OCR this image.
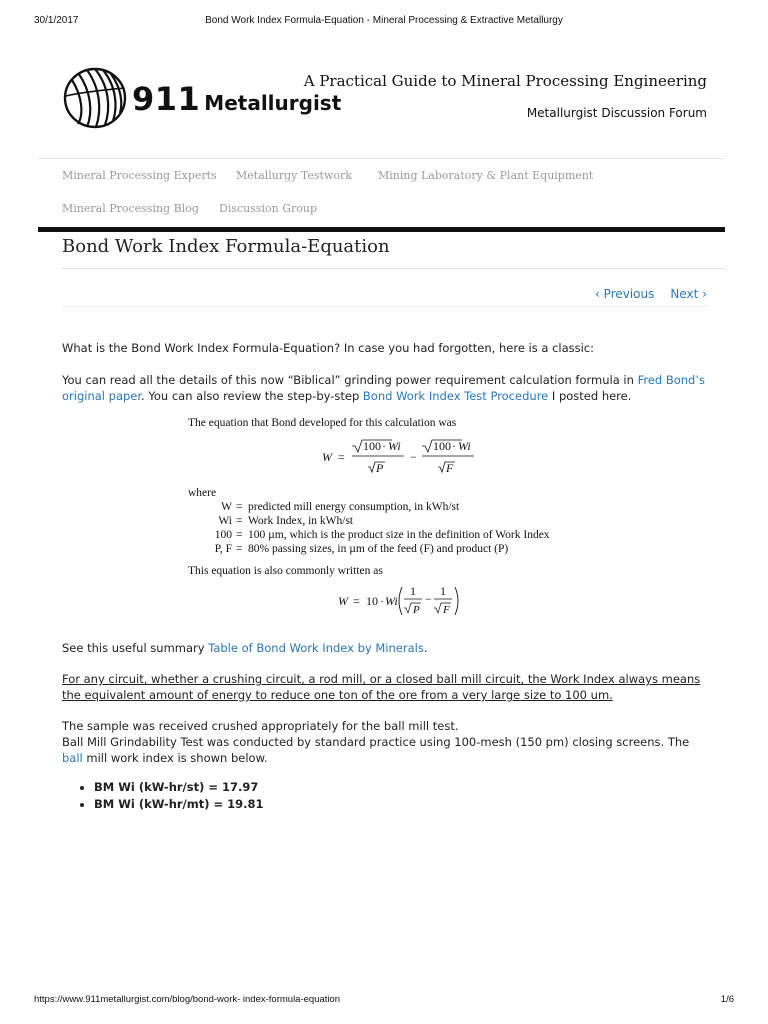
30/1/2017	Bond Work Index Formula-Equation - Mineral Processing & Extractive Metallurgy
911 Metallurgist
A Practical Guide to Mineral Processing Engineering
Metallurgist Discussion Forum
Mineral Processing Experts Metallurgy Testwork Mining Laboratory & Plant Equipment
Mineral Processing Blog Discussion Group
Bond Work Index Formula-Equation
‹ Previous Next ›

What is the Bond Work Index Formula-Equation? In case you had forgotten, here is a classic:

You can read all the details of this now “Biblical” grinding power requirement calculation formula in Fred Bond’s original paper. You can also review the step-by-step Bond Work Index Test Procedure I posted here.

See this useful summary Table of Bond Work Index by Minerals.

For any circuit, whether a crushing circuit, a rod mill, or a closed ball mill circuit, the Work Index always means the equivalent amount of energy to reduce one ton of the ore from a very large size to 100 um.

The sample was received crushed appropriately for the ball mill test.

Ball Mill Grindability Test was conducted by standard practice using 100-mesh (150 pm) closing screens. The ball mill work index is shown below.

• BM Wi (kW-hr/st) = 17.97
• BM Wi (kW-hr/mt) = 19.81
The equation that Bond developed for this calculation was
W =
100 · Wi
P
−
100 · Wi
F
where
W = predicted mill energy consumption, in kWh/st
Wi = Work Index, in kWh/st
100 = 100 µm, which is the product size in the definition of Work Index
P, F = 80% passing sizes, in µm of the feed (F) and product (P)
This equation is also commonly written as
W = 10 · Wi
1
P
−
1
F
https://www.911metallurgist.com/blog/bond-work- index-formula-equation	1/6
